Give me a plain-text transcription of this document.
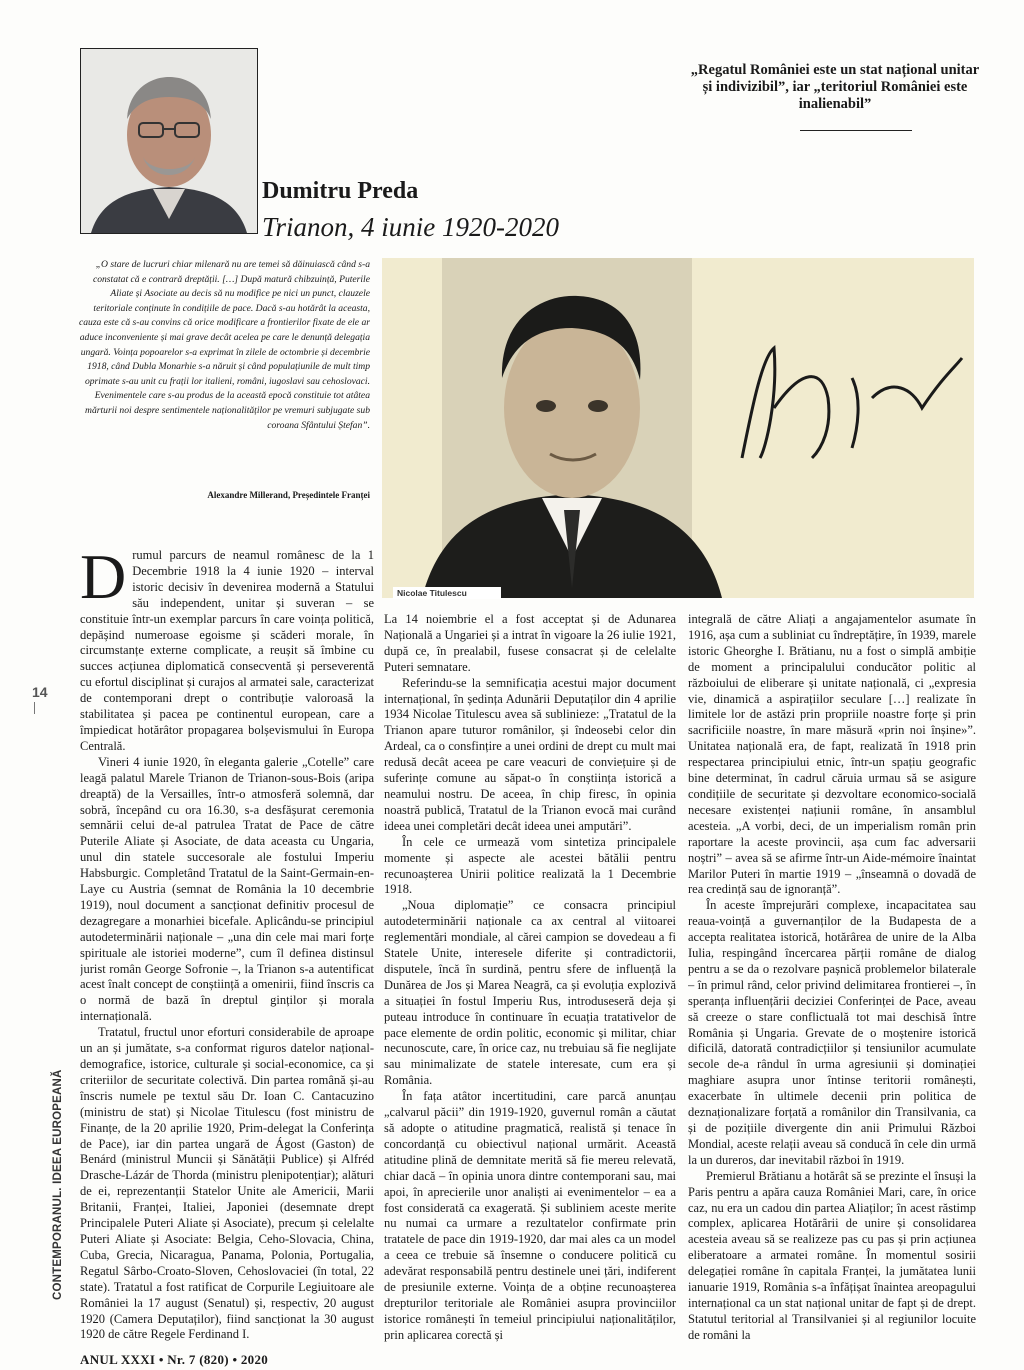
„Regatul României este un stat național unitar și indivizibil”, iar „teritoriul României este inalienabil”
Dumitru Preda
Trianon, 4 iunie 1920-2020
„O stare de lucruri chiar milenară nu are temei să dăinuiască când s-a constatat că e contrară dreptății. […] După matură chibzuință, Puterile Aliate și Asociate au decis să nu modifice pe nici un punct, clauzele teritoriale conținute în condițiile de pace. Dacă s-au hotărât la aceasta, cauza este că s-au convins că orice modificare a frontierilor fixate de ele ar aduce inconveniente și mai grave decât acelea pe care le denunță delegația ungară. Voința popoarelor s-a exprimat în zilele de octombrie și decembrie 1918, când Dubla Monarhie s-a năruit și când populațiunile de mult timp oprimate s-au unit cu frații lor italieni, români, iugoslavi sau cehoslovaci. Evenimentele care s-au produs de la această epocă constituie tot atâtea mărturii noi despre sentimentele naționalităților pe vremuri subjugate sub coroana Sfântului Ștefan”.
Alexandre Millerand, Președintele Franței
Nicolae Titulescu
14
CONTEMPORANUL. IDEEA EUROPEANĂ

Drumul parcurs de neamul românesc de la 1 Decembrie 1918 la 4 iunie 1920 – interval istoric decisiv în devenirea modernă a Statului său independent, unitar și suveran – se constituie într-un exemplar parcurs în care voința politică, depășind numeroase egoisme și scăderi morale, în circumstanțe externe complicate, a reușit să îmbine cu succes acțiunea diplomatică consecventă și perseverentă cu efortul disciplinat și curajos al armatei sale, caracterizat de contemporani drept o contribuție valoroasă la stabilitatea și pacea pe continentul european, care a împiedicat hotărâtor propagarea bolșevismului în Europa Centrală.

Vineri 4 iunie 1920, în eleganta galerie „Cotelle” care leagă palatul Marele Trianon de Trianon-sous-Bois (aripa dreaptă) de la Versailles, într-o atmosferă solemnă, dar sobră, începând cu ora 16.30, s-a desfășurat ceremonia semnării celui de-al patrulea Tratat de Pace de către Puterile Aliate și Asociate, de data aceasta cu Ungaria, unul din statele succesorale ale fostului Imperiu Habsburgic. Completând Tratatul de la Saint-Germain-en-Laye cu Austria (semnat de România la 10 decembrie 1919), noul document a sancționat definitiv procesul de dezagregare a monarhiei bicefale. Aplicându-se principiul autodeterminării naționale – „una din cele mai mari forțe spirituale ale istoriei moderne”, cum îl definea distinsul jurist român George Sofronie –, la Trianon s-a autentificat acest înalt concept de conștiință a omenirii, fiind înscris ca o normă de bază în dreptul ginților și morala internațională.

Tratatul, fructul unor eforturi considerabile de aproape un an și jumătate, s-a conformat riguros datelor național-demografice, istorice, culturale și social-economice, ca și criteriilor de securitate colectivă. Din partea română și-au înscris numele pe textul său Dr. Ioan C. Cantacuzino (ministru de stat) și Nicolae Titulescu (fost ministru de Finanțe, de la 20 aprilie 1920, Prim-delegat la Conferința de Pace), iar din partea ungară de Ágost (Gaston) de Benárd (ministrul Muncii și Sănătății Publice) și Alfréd Drasche-Lázár de Thorda (ministru plenipotențiar); alături de ei, reprezentanții Statelor Unite ale Americii, Marii Britanii, Franței, Italiei, Japoniei (desemnate drept Principalele Puteri Aliate și Asociate), precum și celelalte Puteri Aliate și Asociate: Belgia, Ceho-Slovacia, China, Cuba, Grecia, Nicaragua, Panama, Polonia, Portugalia, Regatul Sârbo-Croato-Sloven, Cehoslovaciei (în total, 22 state). Tratatul a fost ratificat de Corpurile Legiuitoare ale României la 17 august (Senatul) și, respectiv, 20 august 1920 (Camera Deputaților), fiind sancționat la 30 august 1920 de către Regele Ferdinand I.

La 14 noiembrie el a fost acceptat și de Adunarea Națională a Ungariei și a intrat în vigoare la 26 iulie 1921, după ce, în prealabil, fusese consacrat și de celelalte Puteri semnatare.

Referindu-se la semnificația acestui major document internațional, în ședința Adunării Deputaților din 4 aprilie 1934 Nicolae Titulescu avea să sublinieze: „Tratatul de la Trianon apare tuturor românilor, și îndeosebi celor din Ardeal, ca o consfințire a unei ordini de drept cu mult mai redusă decât aceea pe care veacuri de conviețuire și de suferințe comune au săpat-o în conștiința istorică a neamului nostru. De aceea, în chip firesc, în opinia noastră publică, Tratatul de la Trianon evocă mai curând ideea unei completări decât ideea unei amputări”.

În cele ce urmează vom sintetiza principalele momente și aspecte ale acestei bătălii pentru recunoașterea Unirii politice realizată la 1 Decembrie 1918.

„Noua diplomație” ce consacra principiul autodeterminării naționale ca ax central al viitoarei reglementări mondiale, al cărei campion se dovedeau a fi Statele Unite, interesele diferite și contradictorii, disputele, încă în surdină, pentru sfere de influență la Dunărea de Jos și Marea Neagră, ca și evoluția explozivă a situației în fostul Imperiu Rus, introduseseră deja și puteau introduce în continuare în ecuația tratativelor de pace elemente de ordin politic, economic și militar, chiar necunoscute, care, în orice caz, nu trebuiau să fie neglijate sau minimalizate de statele interesate, cum era și România.

În fața atâtor incertitudini, care parcă anunțau „calvarul păcii” din 1919-1920, guvernul român a căutat să adopte o atitudine pragmatică, realistă și tenace în concordanță cu obiectivul național urmărit. Această atitudine plină de demnitate merită să fie mereu relevată, chiar dacă – în opinia unora dintre contemporani sau, mai apoi, în aprecierile unor analiști ai evenimentelor – ea a fost considerată ca exagerată. Și subliniem aceste merite nu numai ca urmare a rezultatelor confirmate prin tratatele de pace din 1919-1920, dar mai ales ca un model a ceea ce trebuie să însemne o conducere politică cu adevărat responsabilă pentru destinele unei țări, indiferent de presiunile externe. Voința de a obține recunoașterea drepturilor teritoriale ale României asupra provinciilor istorice românești în temeiul principiului naționalităților, prin aplicarea corectă și

integrală de către Aliați a angajamentelor asumate în 1916, așa cum a subliniat cu îndreptățire, în 1939, marele istoric Gheorghe I. Brătianu, nu a fost o simplă ambiție de moment a principalului conducător politic al războiului de eliberare și unitate națională, ci „expresia vie, dinamică a aspirațiilor seculare […] realizate în limitele lor de astăzi prin propriile noastre forțe și prin sacrificiile noastre, în mare măsură «prin noi înșine»”. Unitatea națională era, de fapt, realizată în 1918 prin respectarea principiului etnic, într-un spațiu geografic bine determinat, în cadrul căruia urmau să se asigure condițiile de securitate și dezvoltare economico-socială necesare existenței națiunii române, în ansamblul acesteia. „A vorbi, deci, de un imperialism român prin raportare la aceste provincii, așa cum fac adversarii noștri” – avea să se afirme într-un Aide-mémoire înaintat Marilor Puteri în martie 1919 – „înseamnă o dovadă de rea credință sau de ignoranță”.

În aceste împrejurări complexe, incapacitatea sau reaua-voință a guvernanților de la Budapesta de a accepta realitatea istorică, hotărârea de unire de la Alba Iulia, respingând încercarea părții române de dialog pentru a se da o rezolvare pașnică problemelor bilaterale – în primul rând, celor privind delimitarea frontierei –, în speranța influențării deciziei Conferinței de Pace, aveau să creeze o stare conflictuală tot mai deschisă între România și Ungaria. Grevate de o moștenire istorică dificilă, datorată contradicțiilor și tensiunilor acumulate secole de-a rândul în urma agresiunii și dominației maghiare asupra unor întinse teritorii românești, exacerbate în ultimele decenii prin politica de deznaționalizare forțată a românilor din Transilvania, ca și de pozițiile divergente din anii Primului Război Mondial, aceste relații aveau să conducă în cele din urmă la un dureros, dar inevitabil război în 1919.

Premierul Brătianu a hotărât să se prezinte el însuși la Paris pentru a apăra cauza României Mari, care, în orice caz, nu era un cadou din partea Aliaților; în acest răstimp complex, aplicarea Hotărârii de unire și consolidarea acesteia aveau să se realizeze pas cu pas și prin acțiunea eliberatoare a armatei române. În momentul sosirii delegației române în capitala Franței, la jumătatea lunii ianuarie 1919, România s-a înfățișat înaintea areopagului internațional ca un stat național unitar de fapt și de drept. Statutul teritorial al Transilvaniei și al regiunilor locuite de români la

ANUL XXXI • Nr. 7 (820) • 2020
